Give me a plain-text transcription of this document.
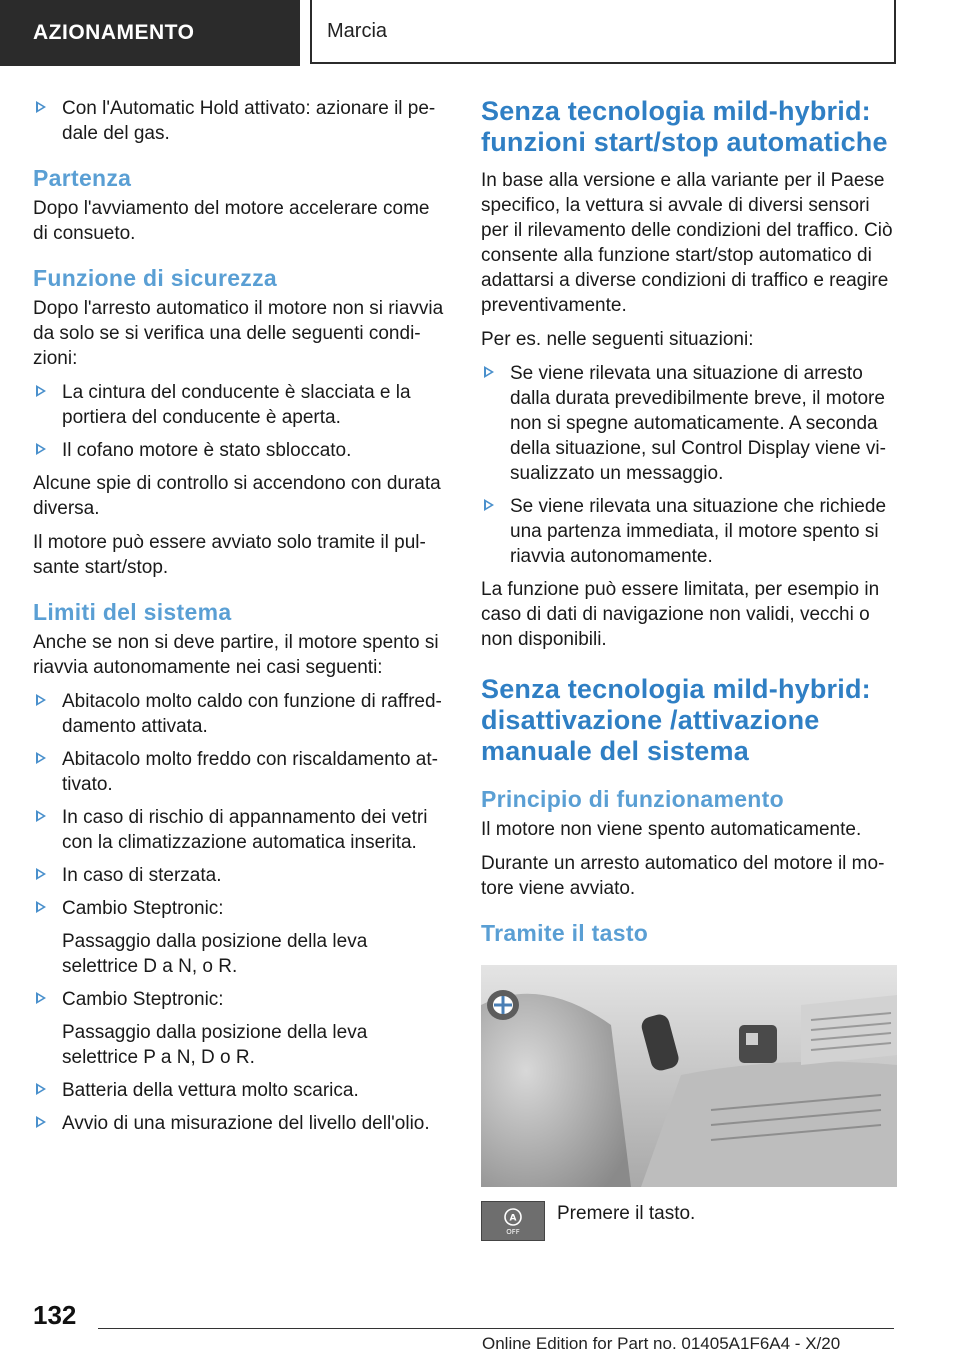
AZIONAMENTO	Marcia
Con l'Automatic Hold attivato: azionare il pe-dale del gas.
Partenza

Dopo l'avviamento del motore accelerare come di consueto.

Funzione di sicurezza

Dopo l'arresto automatico il motore non si riavvia da solo se si verifica una delle seguenti condi-zioni:

La cintura del conducente è slacciata e la portiera del conducente è aperta.
Il cofano motore è stato sbloccato.

Alcune spie di controllo si accendono con durata diversa.

Il motore può essere avviato solo tramite il pul-sante start/stop.

Limiti del sistema

Anche se non si deve partire, il motore spento si riavvia autonomamente nei casi seguenti:

Abitacolo molto caldo con funzione di raffred-damento attivata.
Abitacolo molto freddo con riscaldamento at-tivato.
In caso di rischio di appannamento dei vetri con la climatizzazione automatica inserita.
In caso di sterzata.
Cambio Steptronic:
Passaggio dalla posizione della leva selettrice D a N, o R.
Cambio Steptronic:
Passaggio dalla posizione della leva selettrice P a N, D o R.
Batteria della vettura molto scarica.
Avvio di una misurazione del livello dell'olio.
Senza tecnologia mild-hybrid: funzioni start/stop automatiche

In base alla versione e alla variante per il Paese specifico, la vettura si avvale di diversi sensori per il rilevamento delle condizioni del traffico. Ciò consente alla funzione start/stop automatico di adattarsi a diverse condizioni di traffico e reagire preventivamente.

Per es. nelle seguenti situazioni:

Se viene rilevata una situazione di arresto dalla durata prevedibilmente breve, il motore non si spegne automaticamente. A seconda della situazione, sul Control Display viene vi-sualizzato un messaggio.
Se viene rilevata una situazione che richiede una partenza immediata, il motore spento si riavvia autonomamente.

La funzione può essere limitata, per esempio in caso di dati di navigazione non validi, vecchi o non disponibili.

Senza tecnologia mild-hybrid: disattivazione /attivazione manuale del sistema
Principio di funzionamento

Il motore non viene spento automaticamente.

Durante un arresto automatico del motore il mo-tore viene avviato.

Tramite il tasto
A
OFF
Premere il tasto.
132
Online Edition for Part no. 01405A1F6A4 - X/20
